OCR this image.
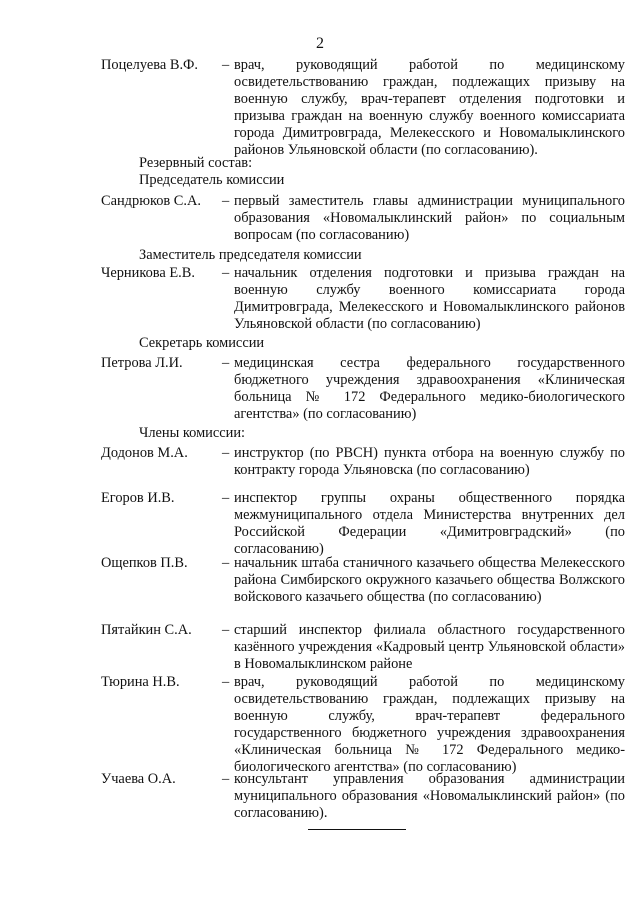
2
Поцелуева В.Ф.	– врач, руководящий работой по медицинскому освидетельствованию граждан, подлежащих призыву на военную службу, врач-терапевт отделения подготовки и призыва граждан на военную службу военного комиссариата города Димитровграда, Мелекесского и Новомалыклинского районов Ульяновской области (по согласованию).
Резервный состав:
Председатель комиссии
Сандрюков С.А.	– первый заместитель главы администрации муниципального образования «Новомалыклинский район» по социальным вопросам (по согласованию)
Заместитель председателя комиссии
Черникова Е.В.	– начальник отделения подготовки и призыва граждан на военную службу военного комиссариата города Димитровграда, Мелекесского и Новомалыклинского районов Ульяновской области (по согласованию)
Секретарь комиссии
Петрова Л.И.	– медицинская сестра федерального государственного бюджетного учреждения здравоохранения «Клиническая больница № 172 Федерального медико-биологического агентства» (по согласованию)
Члены комиссии:
Додонов М.А.	– инструктор (по РВСН) пункта отбора на военную службу по контракту города Ульяновска (по согласованию)
Егоров И.В.	– инспектор группы охраны общественного порядка межмуниципального отдела Министерства внутренних дел Российской Федерации «Димитровградский» (по согласованию)
Ощепков П.В.	– начальник штаба станичного казачьего общества Мелекесского района Симбирского окружного казачьего общества Волжского войскового казачьего общества (по согласованию)
Пятайкин С.А.	– старший инспектор филиала областного государственного казённого учреждения «Кадровый центр Ульяновской области» в Новомалыклинском районе
Тюрина Н.В.	– врач, руководящий работой по медицинскому освидетельствованию граждан, подлежащих призыву на военную службу, врач-терапевт федерального государственного бюджетного учреждения здравоохранения «Клиническая больница № 172 Федерального медико-биологического агентства» (по согласованию)
Учаева О.А.	– консультант управления образования администрации муниципального образования «Новомалыклинский район» (по согласованию).
